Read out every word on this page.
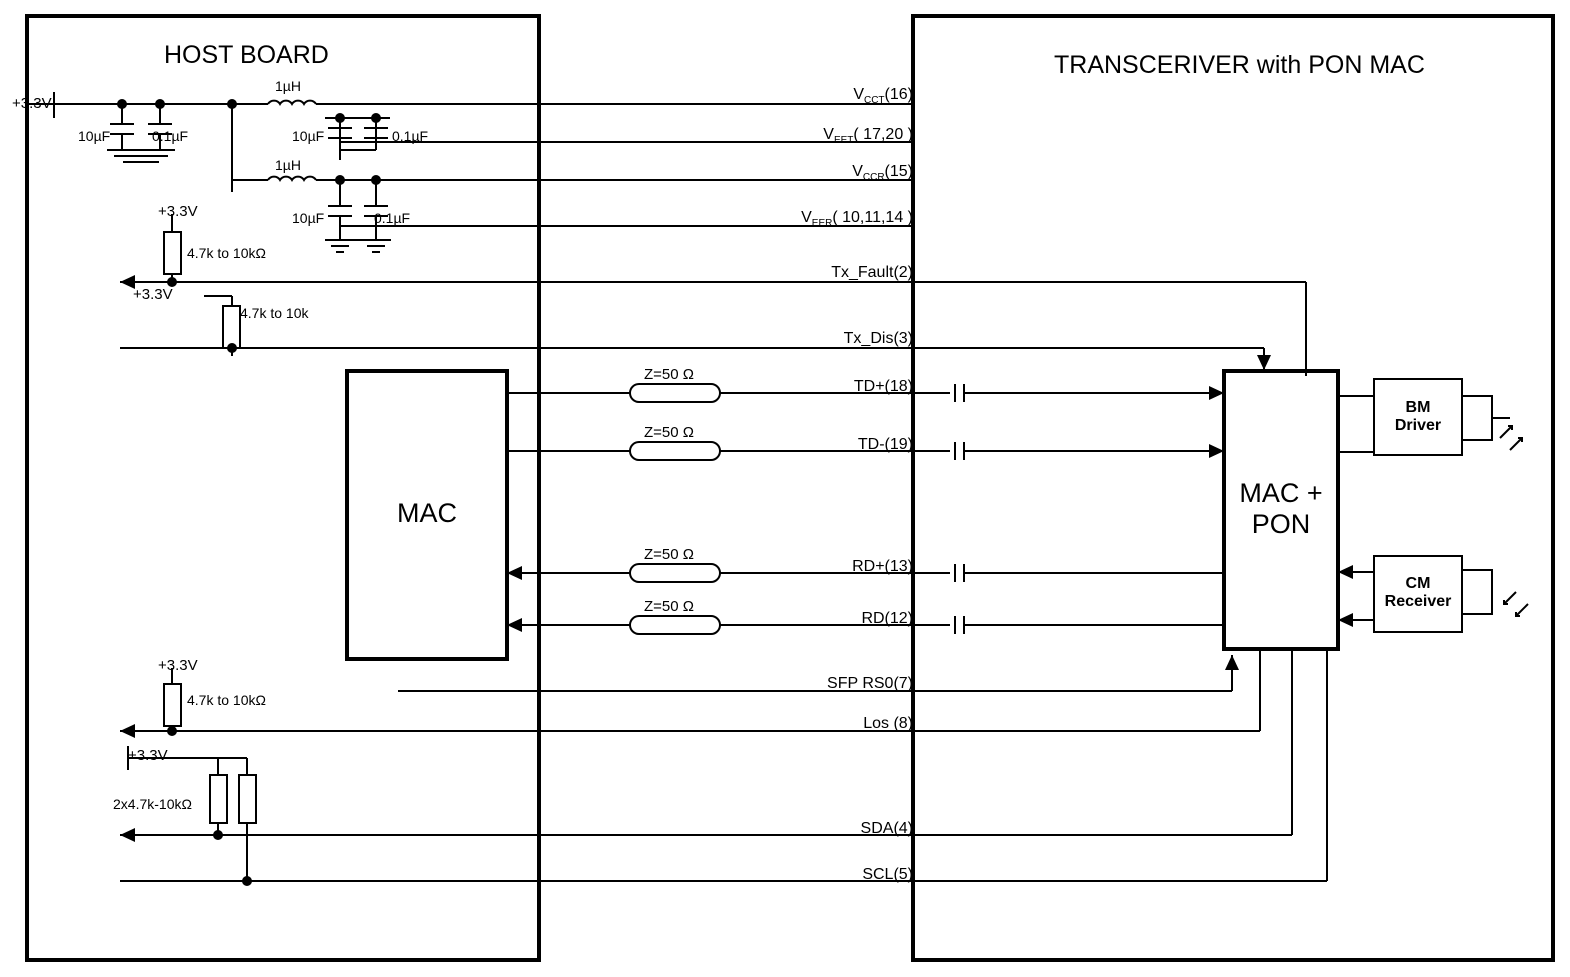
HOST BOARD	TRANSCERIVER with PON MAC
MAC
MAC +
PON
BM
Driver
CM
Receiver
+3.3V
+3.3V
+3.3V
+3.3V
+3.3V
1µH
1µH
10µF	0.1µF	10µF	0.1µF
10µF	0.1µF
4.7k to 10kΩ
4.7k to 10k
4.7k to 10kΩ
2x4.7k-10kΩ
Z=50 Ω
Z=50 Ω
Z=50 Ω
Z=50 Ω
$V_{CCT}(16)$
$V_{EET}$( 17,20 )
$V_{CCR}(15)$
$V_{EER}$( 10,11,14 )
Tx_Fault(2)
Tx_Dis(3)
TD+(18)
TD-(19)
RD+(13)
RD(12)
SFP RS0(7)
Los (8)
SDA(4)
SCL(5)
